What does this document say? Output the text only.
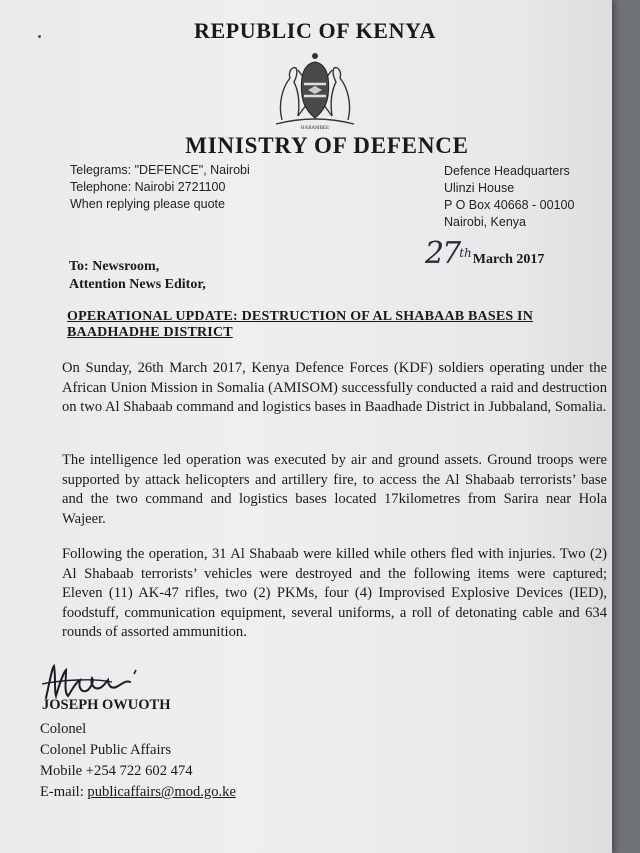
REPUBLIC OF KENYA
HARAMBEE
MINISTRY OF DEFENCE
Telegrams: "DEFENCE", Nairobi
Telephone: Nairobi 2721100
When replying please quote
Defence Headquarters
Ulinzi House
P O Box 40668 - 00100
Nairobi, Kenya
27thMarch 2017
To: Newsroom,
Attention News Editor,
OPERATIONAL UPDATE: DESTRUCTION OF AL SHABAAB BASES IN BAADHADHE DISTRICT
On Sunday, 26th March 2017, Kenya Defence Forces (KDF) soldiers operating under the African Union Mission in Somalia (AMISOM) successfully conducted a raid and destruction on two Al Shabaab command and logistics bases in Baadhade District in Jubbaland, Somalia.
The intelligence led operation was executed by air and ground assets. Ground troops were supported by attack helicopters and artillery fire, to access the Al Shabaab terrorists’ base and the two command and logistics bases located 17kilometres from Sarira near Hola Wajeer.
Following the operation, 31 Al Shabaab were killed while others fled with injuries. Two (2) Al Shabaab terrorists’ vehicles were destroyed and the following items were captured; Eleven (11) AK-47 rifles, two (2) PKMs, four (4) Improvised Explosive Devices (IED), foodstuff, communication equipment, several uniforms, a roll of detonating cable and 634 rounds of assorted ammunition.
JOSEPH OWUOTH
Colonel
Colonel Public Affairs
Mobile +254 722 602 474
E-mail: publicaffairs@mod.go.ke
